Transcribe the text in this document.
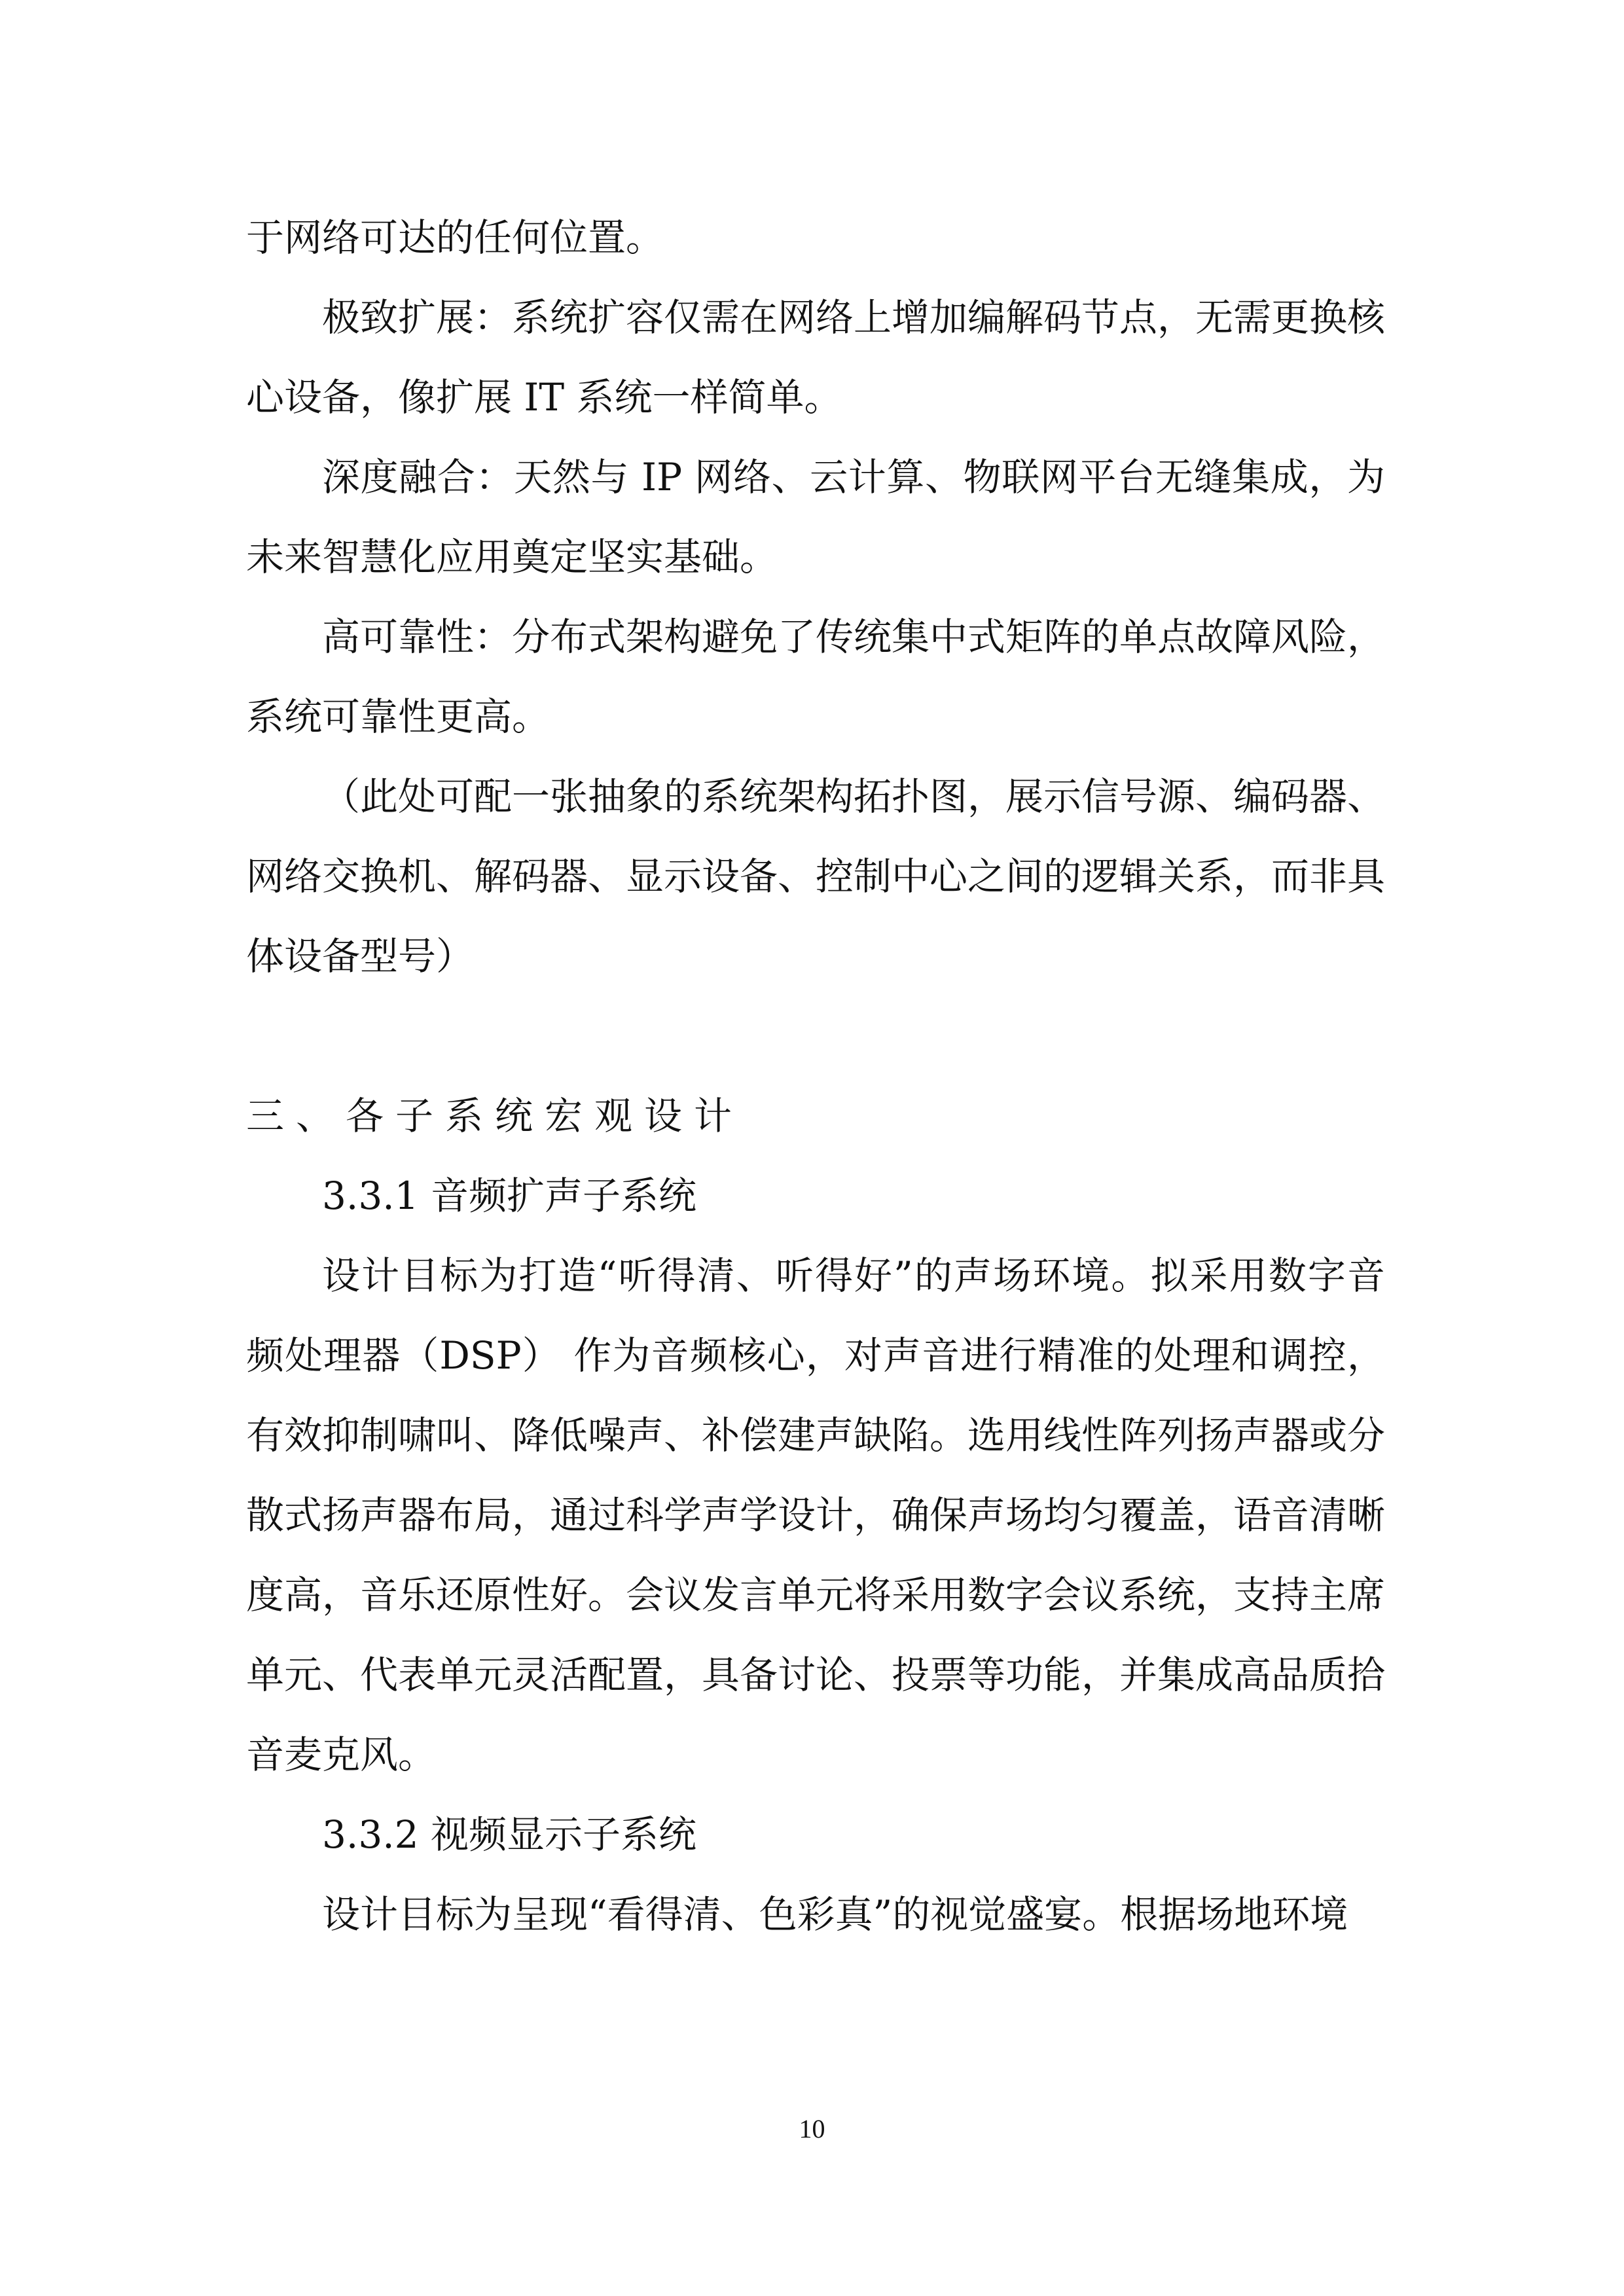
于网络可达的任何位置。

极致扩展：系统扩容仅需在网络上增加编解码节点，无需更换核心设备，像扩展 IT 系统一样简单。

深度融合：天然与 IP 网络、云计算、物联网平台无缝集成，为未来智慧化应用奠定坚实基础。

高可靠性：分布式架构避免了传统集中式矩阵的单点故障风险，系统可靠性更高。

（此处可配一张抽象的系统架构拓扑图，展示信号源、编码器、网络交换机、解码器、显示设备、控制中心之间的逻辑关系，而非具体设备型号）

三、各子系统宏观设计

3.3.1 音频扩声子系统

设计目标为打造“听得清、听得好”的声场环境。拟采用数字音频处理器（DSP） 作为音频核心，对声音进行精准的处理和调控，有效抑制啸叫、降低噪声、补偿建声缺陷。选用线性阵列扬声器或分散式扬声器布局，通过科学声学设计，确保声场均匀覆盖，语音清晰度高，音乐还原性好。会议发言单元将采用数字会议系统，支持主席单元、代表单元灵活配置，具备讨论、投票等功能，并集成高品质拾音麦克风。

3.3.2 视频显示子系统

设计目标为呈现“看得清、色彩真”的视觉盛宴。根据场地环境

10
